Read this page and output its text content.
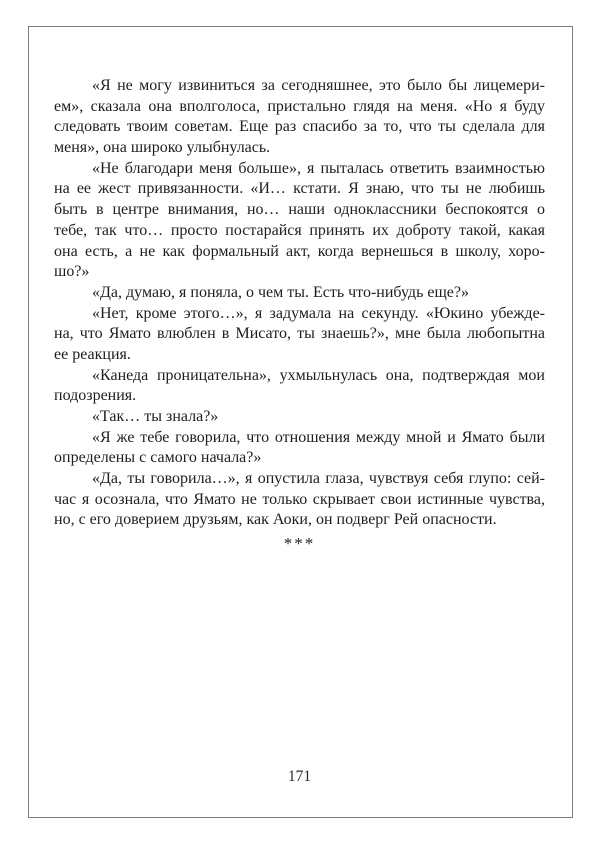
«Я не могу извиниться за сегодняшнее, это было бы лицемери-
ем», сказала она вполголоса, пристально глядя на меня. «Но я буду
следовать твоим советам. Еще раз спасибо за то, что ты сделала для
меня», она широко улыбнулась.
«Не благодари меня больше», я пыталась ответить взаимностью
на ее жест привязанности. «И… кстати. Я знаю, что ты не любишь
быть в центре внимания, но… наши одноклассники беспокоятся о
тебе, так что… просто постарайся принять их доброту такой, какая
она есть, а не как формальный акт, когда вернешься в школу, хоро-
шо?»
«Да, думаю, я поняла, о чем ты. Есть что-нибудь еще?»
«Нет, кроме этого…», я задумала на секунду. «Юкино убежде-
на, что Ямато влюблен в Мисато, ты знаешь?», мне была любопытна
ее реакция.
«Канеда проницательна», ухмыльнулась она, подтверждая мои
подозрения.
«Так… ты знала?»
«Я же тебе говорила, что отношения между мной и Ямато были
определены с самого начала?»
«Да, ты говорила…», я опустила глаза, чувствуя себя глупо: сей-
час я осознала, что Ямато не только скрывает свои истинные чувства,
но, с его доверием друзьям, как Аоки, он подверг Рей опасности.
***
171
